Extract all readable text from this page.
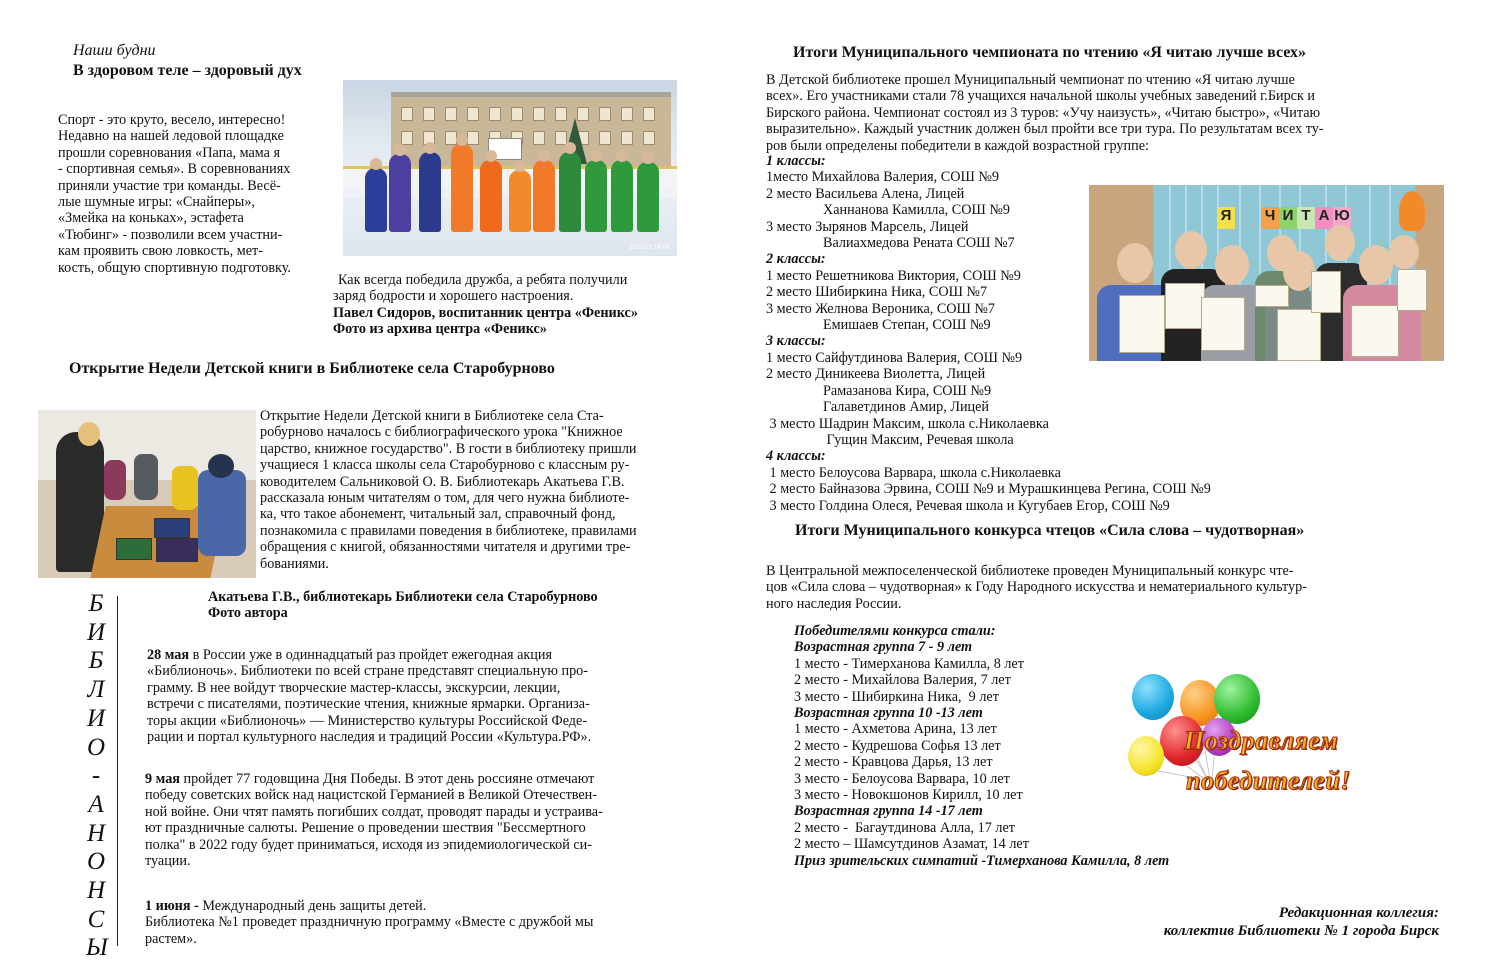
Наши будни
В здоровом теле – здоровый дух
2022/1/2 14:08
Спорт - это круто, весело, интересно!
Недавно на нашей ледовой площадке
прошли соревнования «Папа, мама я
- спортивная семья». В соревнованиях
приняли участие три команды. Весё-
лые шумные игры: «Снайперы»,
«Змейка на коньках», эстафета
«Тюбинг» - позволили всем участни-
кам проявить свою ловкость, мет-
кость, общую спортивную подготовку.
Как всегда победила дружба, а ребята получили
заряд бодрости и хорошего настроения.
Павел Сидоров, воспитанник центра «Феникс»
Фото из архива центра «Феникс»
Открытие Недели Детской книги в Библиотеке села Старобурново
Открытие Недели Детской книги в Библиотеке села Ста-
робурново началось с библиографического урока "Книжное
царство, книжное государство". В гости в библиотеку пришли
учащиеся 1 класса школы села Старобурново с классным ру-
ководителем Сальниковой О. В. Библиотекарь Акатьева Г.В.
рассказала юным читателям о том, для чего нужна библиоте-
ка, что такое абонемент, читальный зал, справочный фонд,
познакомила с правилами поведения в библиотеке, правилами
обращения с книгой, обязанностями читателя и другими тре-
бованиями.
Акатьева Г.В., библиотекарь Библиотеки села Старобурново
Фото автора
Б
И
Б
Л
И
О
-
А
Н
О
Н
С
Ы
28 мая в России уже в одиннадцатый раз пройдет ежегодная акция
«Библионочь». Библиотеки по всей стране представят специальную про-
грамму. В нее войдут творческие мастер-классы, экскурсии, лекции,
встречи с писателями, поэтические чтения, книжные ярмарки. Организа-
торы акции «Библионочь» — Министерство культуры Российской Феде-
рации и портал культурного наследия и традиций России «Культура.РФ».
9 мая пройдет 77 годовщина Дня Победы. В этот день россияне отмечают
победу советских войск над нацистской Германией в Великой Отечествен-
ной войне. Они чтят память погибших солдат, проводят парады и устраива-
ют праздничные салюты. Решение о проведении шествия "Бессмертного
полка" в 2022 году будет приниматься, исходя из эпидемиологической си-
туации.
1 июня - Международный день защиты детей.
Библиотека №1 проведет праздничную программу «Вместе с дружбой мы
растем».
Итоги Муниципального чемпионата по чтению «Я читаю лучше всех»
В Детской библиотеке прошел Муниципальный чемпионат по чтению «Я читаю лучше
всех». Его участниками стали 78 учащихся начальной школы учебных заведений г.Бирск и
Бирского района. Чемпионат состоял из 3 туров: «Учу наизусть», «Читаю быстро», «Читаю
выразительно». Каждый участник должен был пройти все три тура. По результатам всех ту-
ров были определены победители в каждой возрастной группе:
1 классы:
1место Михайлова Валерия, СОШ №9
2 место Васильева Алена, Лицей
Ханнанова Камилла, СОШ №9
3 место Зырянов Марсель, Лицей
Валиахмедова Рената СОШ №7
2 классы:
1 место Решетникова Виктория, СОШ №9
2 место Шибиркина Ника, СОШ №7
3 место Желнова Вероника, СОШ №7
Емишаев Степан, СОШ №9
3 классы:
1 место Сайфутдинова Валерия, СОШ №9
2 место Диникеева Виолетта, Лицей
Рамазанова Кира, СОШ №9
Галаветдинов Амир, Лицей
3 место Шадрин Максим, школа с.Николаевка
Гущин Максим, Речевая школа
4 классы:
1 место Белоусова Варвара, школа с.Николаевка
2 место Байназова Эрвина, СОШ №9 и Мурашкинцева Регина, СОШ №9
3 место Голдина Олеся, Речевая школа и Кугубаев Егор, СОШ №9
Я Ч И Т А Ю
Итоги Муниципального конкурса чтецов «Сила слова – чудотворная»
В Центральной межпоселенческой библиотеке проведен Муниципальный конкурс чте-
цов «Сила слова – чудотворная» к Году Народного искусства и нематериального культур-
ного наследия России.
Победителями конкурса стали:
Возрастная группа 7 - 9 лет
1 место - Тимерханова Камилла, 8 лет
2 место - Михайлова Валерия, 7 лет
3 место - Шибиркина Ника,  9 лет
Возрастная группа 10 -13 лет
1 место - Ахметова Арина, 13 лет
2 место - Кудрешова Софья 13 лет
2 место - Кравцова Дарья, 13 лет
3 место - Белоусова Варвара, 10 лет
3 место - Новокшонов Кирилл, 10 лет
Возрастная группа 14 -17 лет
2 место -  Багаутдинова Алла, 17 лет
2 место – Шамсутдинов Азамат, 14 лет
Приз зрительских симпатий -Тимерханова Камилла, 8 лет
Поздравляем
победителей!
Редакционная коллегия:
коллектив Библиотеки № 1 города Бирск
